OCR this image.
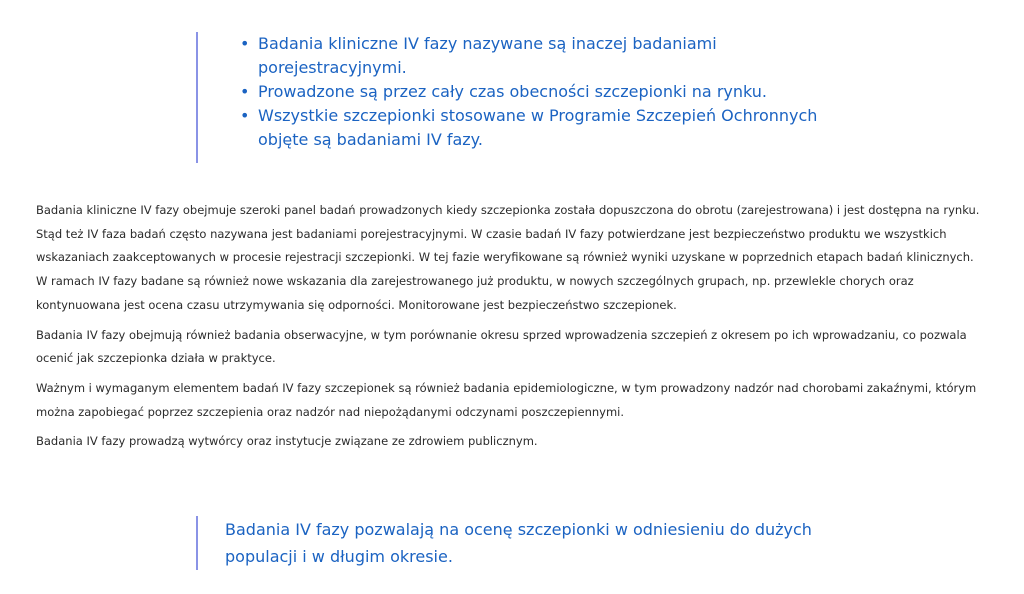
• Badania kliniczne IV fazy nazywane są inaczej badaniami porejestracyjnymi.
• Prowadzone są przez cały czas obecności szczepionki na rynku.
• Wszystkie szczepionki stosowane w Programie Szczepień Ochronnych objęte są badaniami IV fazy.

Badania kliniczne IV fazy obejmuje szeroki panel badań prowadzonych kiedy szczepionka została dopuszczona do obrotu (zarejestrowana) i jest dostępna na rynku. Stąd też IV faza badań często nazywana jest badaniami porejestracyjnymi. W czasie badań IV fazy potwierdzane jest bezpieczeństwo produktu we wszystkich wskazaniach zaakceptowanych w procesie rejestracji szczepionki. W tej fazie weryfikowane są również wyniki uzyskane w poprzednich etapach badań klinicznych. W ramach IV fazy badane są również nowe wskazania dla zarejestrowanego już produktu, w nowych szczególnych grupach, np. przewlekle chorych oraz kontynuowana jest ocena czasu utrzymywania się odporności. Monitorowane jest bezpieczeństwo szczepionek.

Badania IV fazy obejmują również badania obserwacyjne, w tym porównanie okresu sprzed wprowadzenia szczepień z okresem po ich wprowadzaniu, co pozwala ocenić jak szczepionka działa w praktyce.

Ważnym i wymaganym elementem badań IV fazy szczepionek są również badania epidemiologiczne, w tym prowadzony nadzór nad chorobami zakaźnymi, którym można zapobiegać poprzez szczepienia oraz nadzór nad niepożądanymi odczynami poszczepiennymi.

Badania IV fazy prowadzą wytwórcy oraz instytucje związane ze zdrowiem publicznym.

Badania IV fazy pozwalają na ocenę szczepionki w odniesieniu do dużych populacji i w długim okresie.
